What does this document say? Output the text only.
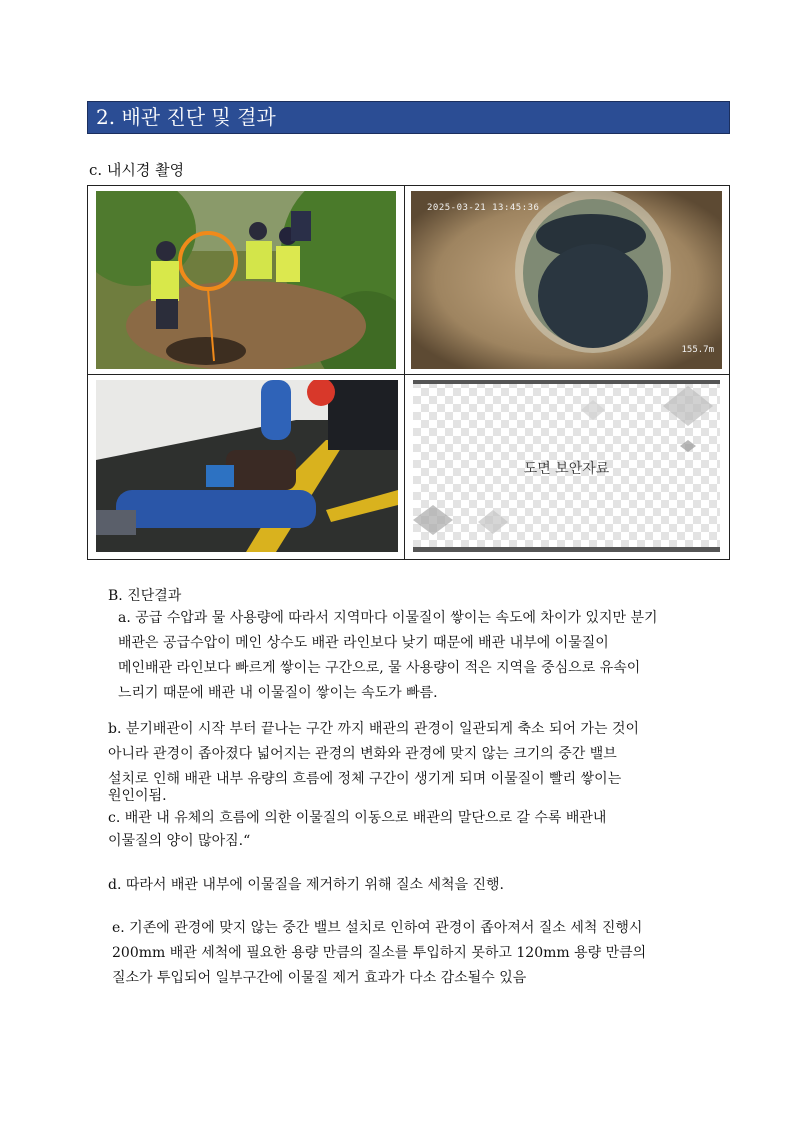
2. 배관 진단 및 결과
c. 내시경 촬영
2025-03-21 13:45:36
155.7m
도면 보안자료
B. 진단결과
a. 공급 수압과 물 사용량에 따라서 지역마다 이물질이 쌓이는 속도에 차이가 있지만 분기
배관은 공급수압이 메인 상수도 배관 라인보다 낮기 때문에 배관 내부에 이물질이
메인배관 라인보다 빠르게 쌓이는 구간으로, 물 사용량이 적은 지역을 중심으로 유속이
느리기 때문에 배관 내 이물질이 쌓이는 속도가 빠름.
b. 분기배관이 시작 부터 끝나는 구간 까지 배관의 관경이 일관되게 축소 되어 가는 것이
아니라 관경이 좁아졌다 넓어지는 관경의 변화와 관경에 맞지 않는 크기의 중간 밸브
설치로 인해 배관 내부 유량의 흐름에 정체 구간이 생기게 되며 이물질이 빨리 쌓이는
원인이됨.
c. 배관 내 유체의 흐름에 의한 이물질의 이동으로 배관의 말단으로 갈 수록 배관내
이물질의 양이 많아짐.“
d. 따라서 배관 내부에 이물질을 제거하기 위해 질소 세척을 진행.
e. 기존에 관경에 맞지 않는 중간 밸브 설치로 인하여 관경이 좁아져서 질소 세척 진행시
200mm 배관 세척에 필요한 용량 만큼의 질소를 투입하지 못하고 120mm 용량 만큼의
질소가 투입되어 일부구간에 이물질 제거 효과가 다소 감소될수 있음
